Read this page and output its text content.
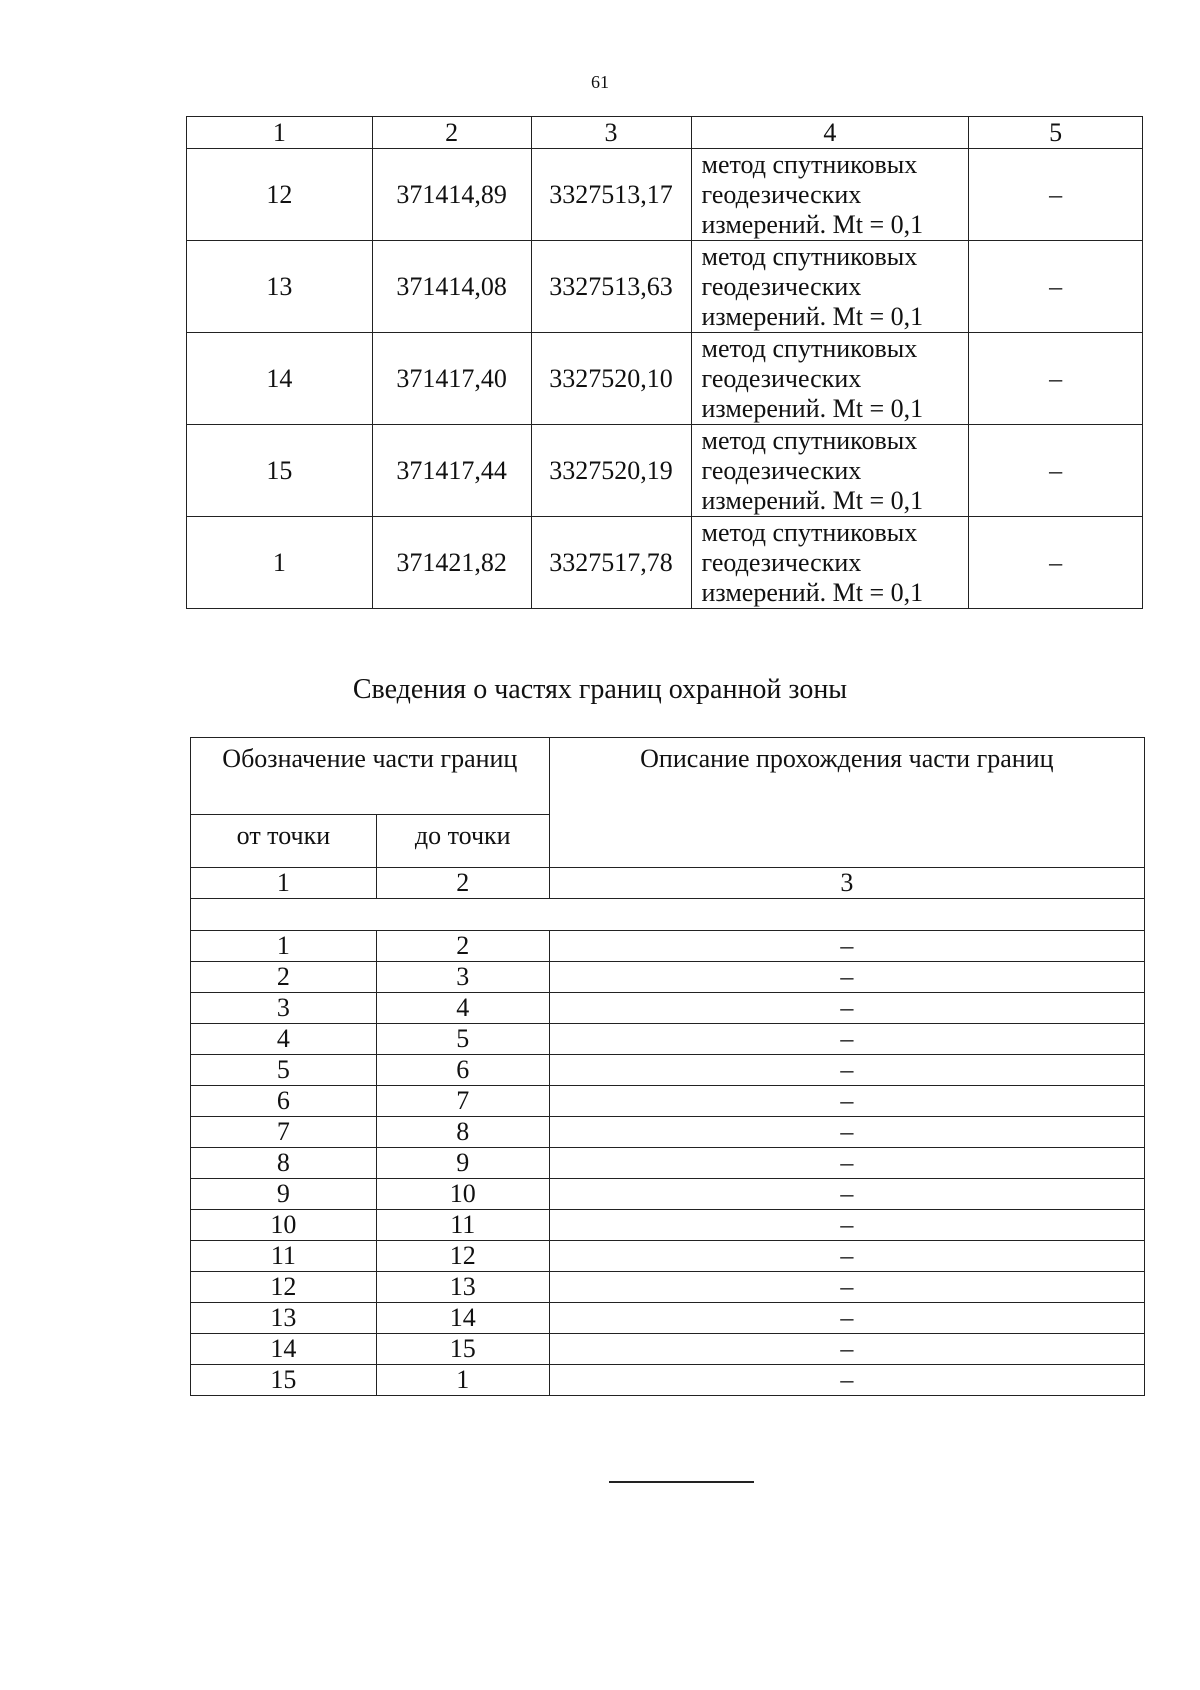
61
1	2	3	4	5
12	371414,89	3327513,17	метод спутниковых
геодезических
измерений. Mt = 0,1	–
13	371414,08	3327513,63	метод спутниковых
геодезических
измерений. Mt = 0,1	–
14	371417,40	3327520,10	метод спутниковых
геодезических
измерений. Mt = 0,1	–
15	371417,44	3327520,19	метод спутниковых
геодезических
измерений. Mt = 0,1	–
1	371421,82	3327517,78	метод спутниковых
геодезических
измерений. Mt = 0,1	–
Сведения о частях границ охранной зоны
Обозначение части границ		Описание прохождения части границ
от точки	до точки	
1	2	3

1	2	–
2	3	–
3	4	–
4	5	–
5	6	–
6	7	–
7	8	–
8	9	–
9	10	–
10	11	–
11	12	–
12	13	–
13	14	–
14	15	–
15	1	–
